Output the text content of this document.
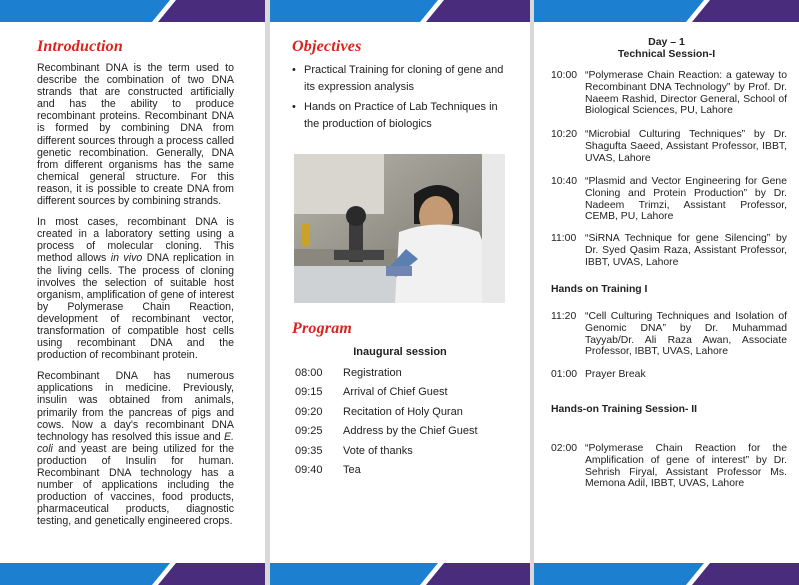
Introduction

Recombinant DNA is the term used to describe the combination of two DNA strands that are constructed artificially and has the ability to produce recombinant proteins. Recombinant DNA is formed by combining DNA from different sources through a process called genetic recombination. Generally, DNA from different organisms has the same chemical general structure. For this reason, it is possible to create DNA from different sources by combining strands.

In most cases, recombinant DNA is created in a laboratory setting using a process of molecular cloning. This method allows in vivo DNA replication in the living cells. The process of cloning involves the selection of suitable host organism, amplification of gene of interest by Polymerase Chain Reaction, development of recombinant vector, transformation of compatible host cells using recombinant DNA and the production of recombinant protein.

Recombinant DNA has numerous applications in medicine. Previously, insulin was obtained from animals, primarily from the pancreas of pigs and cows. Now a day's recombinant DNA technology has resolved this issue and E. coli and yeast are being utilized for the production of Insulin for human. Recombinant DNA technology has a number of applications including the production of vaccines, food products, pharmaceutical products, diagnostic testing, and genetically engineered crops.

Objectives
• Practical Training for cloning of gene and its expression analysis
• Hands on Practice of Lab Techniques in the production of biologics
Program
Inaugural session
08:00	Registration
09:15	Arrival of Chief Guest
09:20	Recitation of Holy Quran
09:25	Address by the Chief Guest
09:35	Vote of thanks
09:40	Tea
Day – 1
Technical Session-I
10:00 “Polymerase Chain Reaction: a gateway to Recombinant DNA Technology” by Prof. Dr. Naeem Rashid, Director General, School of Biological Sciences, PU, Lahore
10:20 “Microbial Culturing Techniques” by Dr. Shagufta Saeed, Assistant Professor, IBBT, UVAS, Lahore
10:40 “Plasmid and Vector Engineering for Gene Cloning and Protein Production” by Dr. Nadeem Trimzi, Assistant Professor, CEMB, PU, Lahore
11:00 “SiRNA Technique for gene Silencing” by Dr. Syed Qasim Raza, Assistant Professor, IBBT, UVAS, Lahore
Hands on Training I
11:20 “Cell Culturing Techniques and Isolation of Genomic DNA” by Dr. Muhammad Tayyab/Dr. Ali Raza Awan, Associate Professor, IBBT, UVAS, Lahore
01:00 Prayer Break
Hands-on Training Session- II
02:00 “Polymerase Chain Reaction for the Amplification of gene of interest” by Dr. Sehrish Firyal, Assistant Professor Ms. Memona Adil, IBBT, UVAS, Lahore
